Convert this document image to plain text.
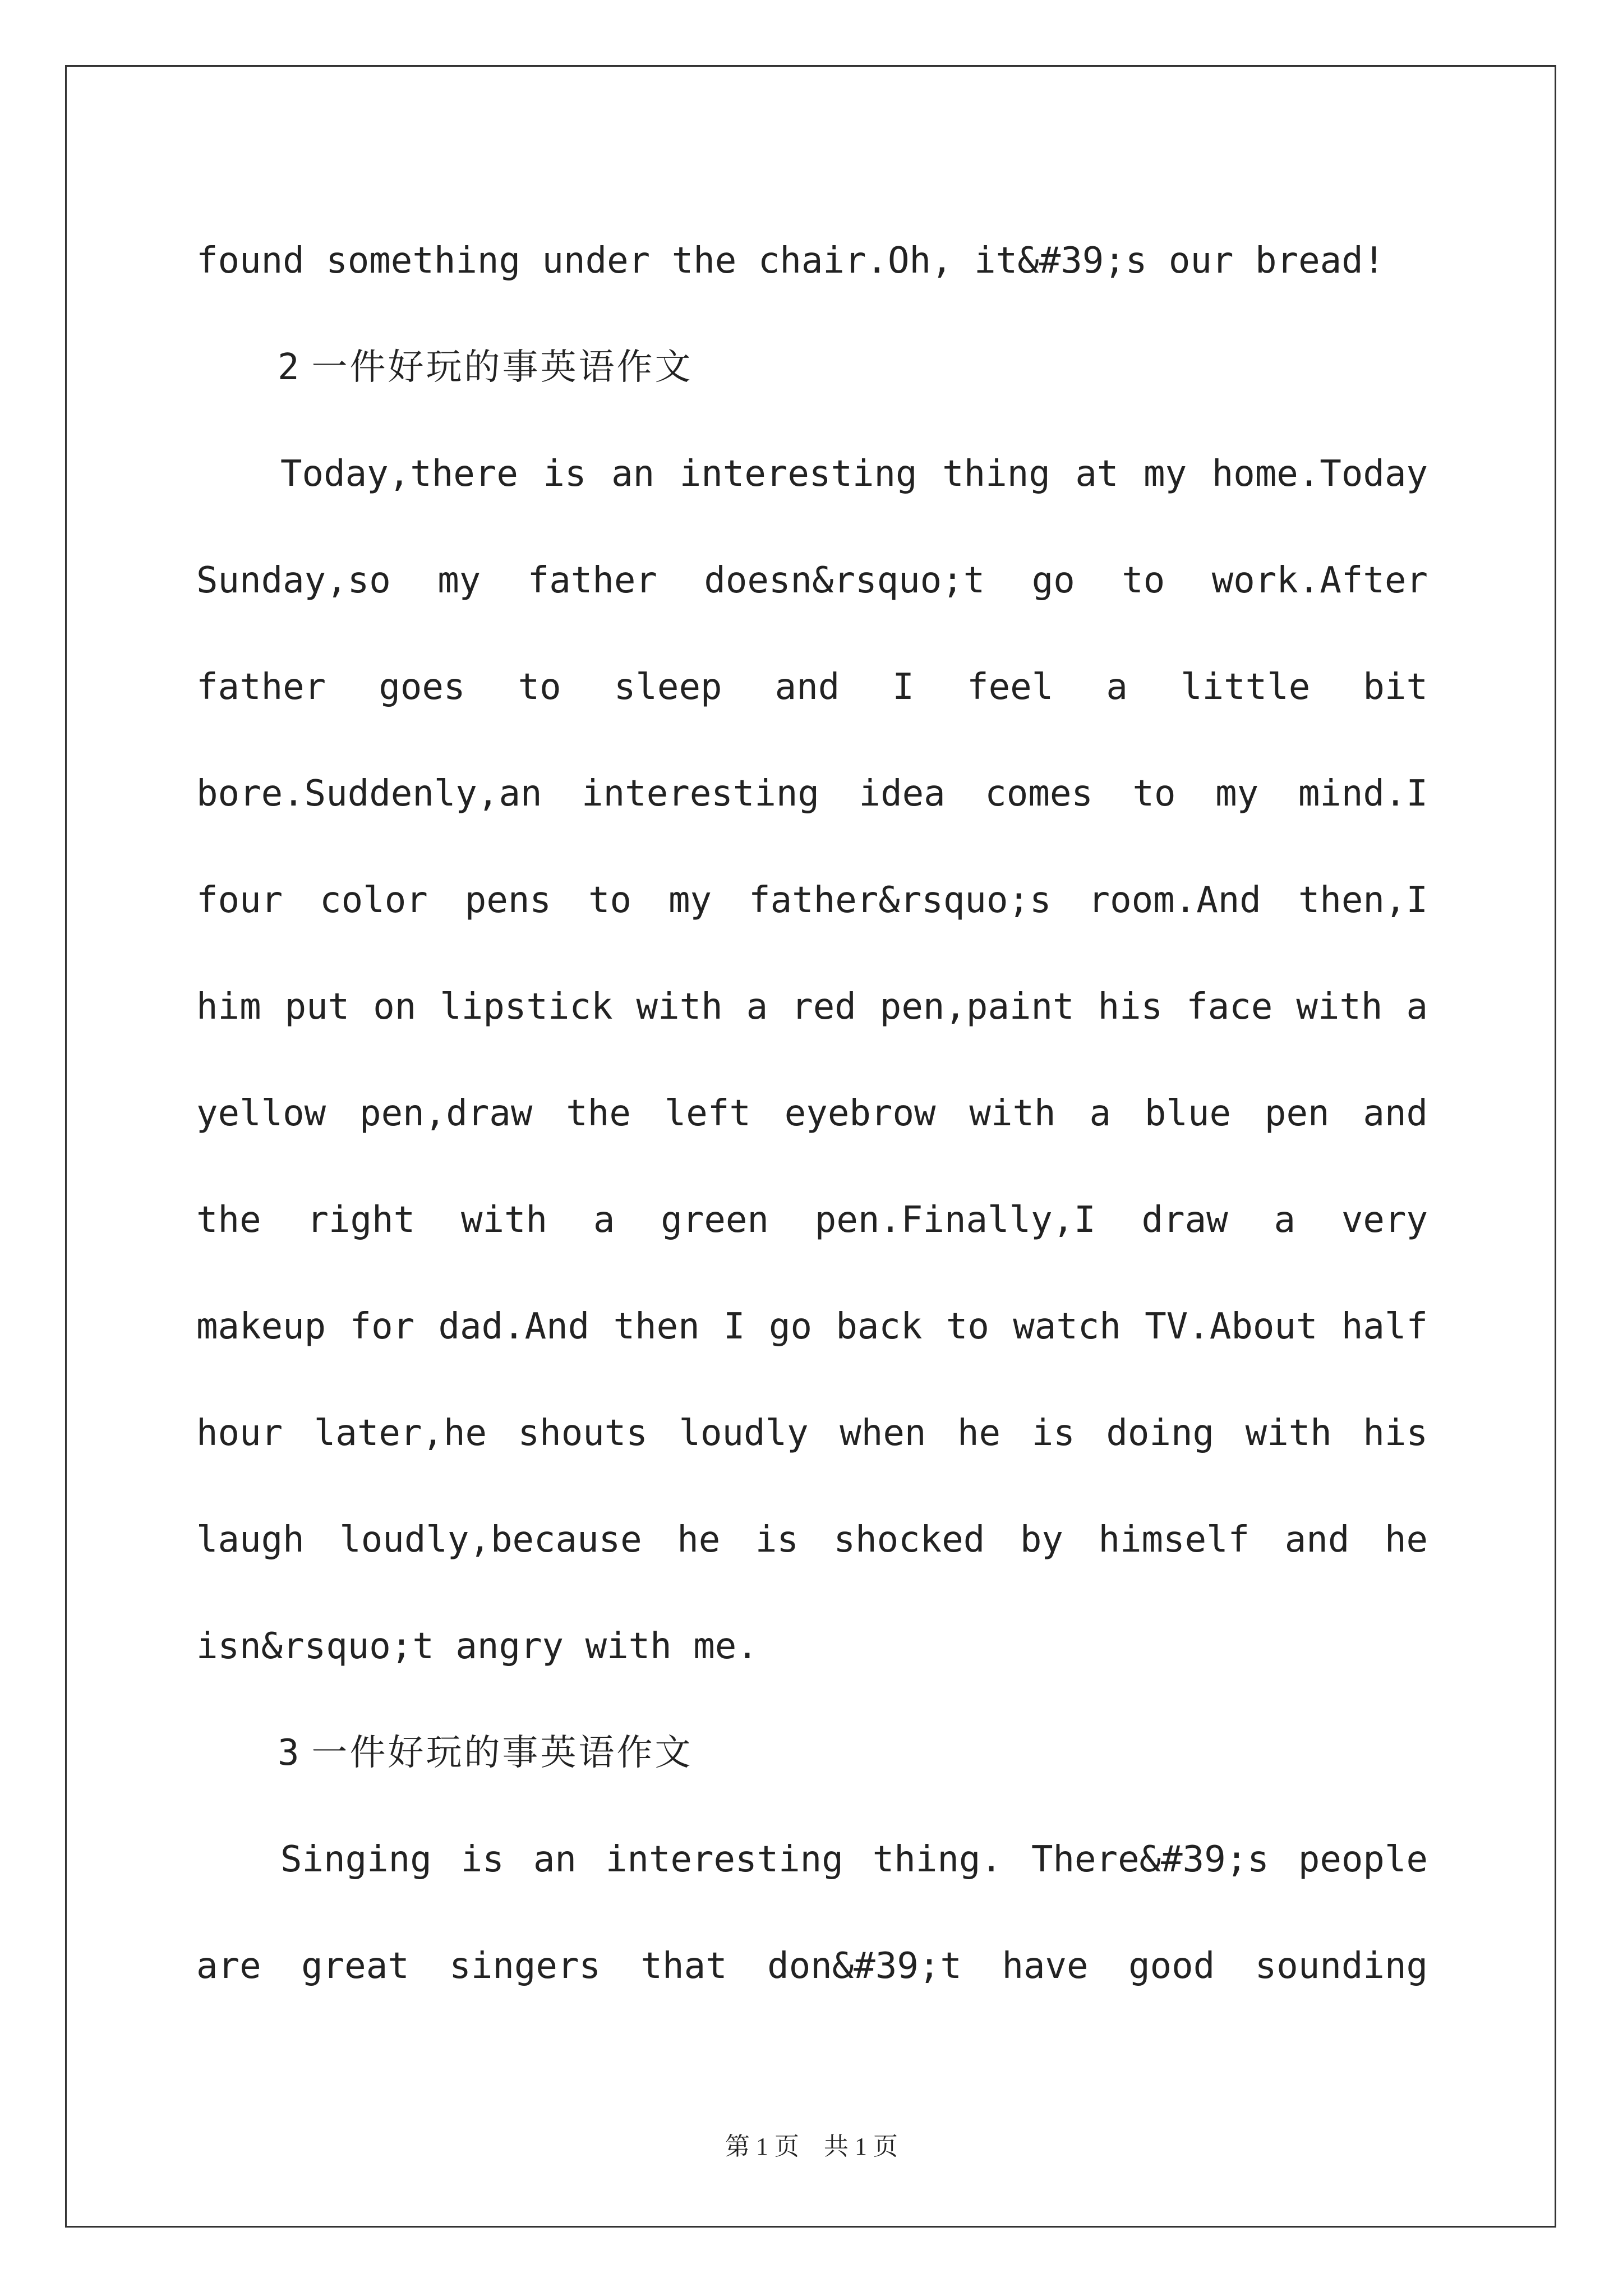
found something under the chair.Oh, it&#39;s our bread!
2 一件好玩的事英语作文
Today,there is an interesting thing at my home.Today
Sunday,so my father doesn&rsquo;t go to work.After
father goes to sleep and I feel a little bit
bore.Suddenly,an interesting idea comes to my mind.I
four color pens to my father&rsquo;s room.And then,I
him put on lipstick with a red pen,paint his face with a
yellow pen,draw the left eyebrow with a blue pen and
the right with a green pen.Finally,I draw a very
makeup for dad.And then I go back to watch TV.About half
hour later,he shouts loudly when he is doing with his
laugh loudly,because he is shocked by himself and he
isn&rsquo;t angry with me.
3 一件好玩的事英语作文
Singing is an interesting thing. There&#39;s people
are great singers that don&#39;t have good sounding
第 1 页　共 1 页
